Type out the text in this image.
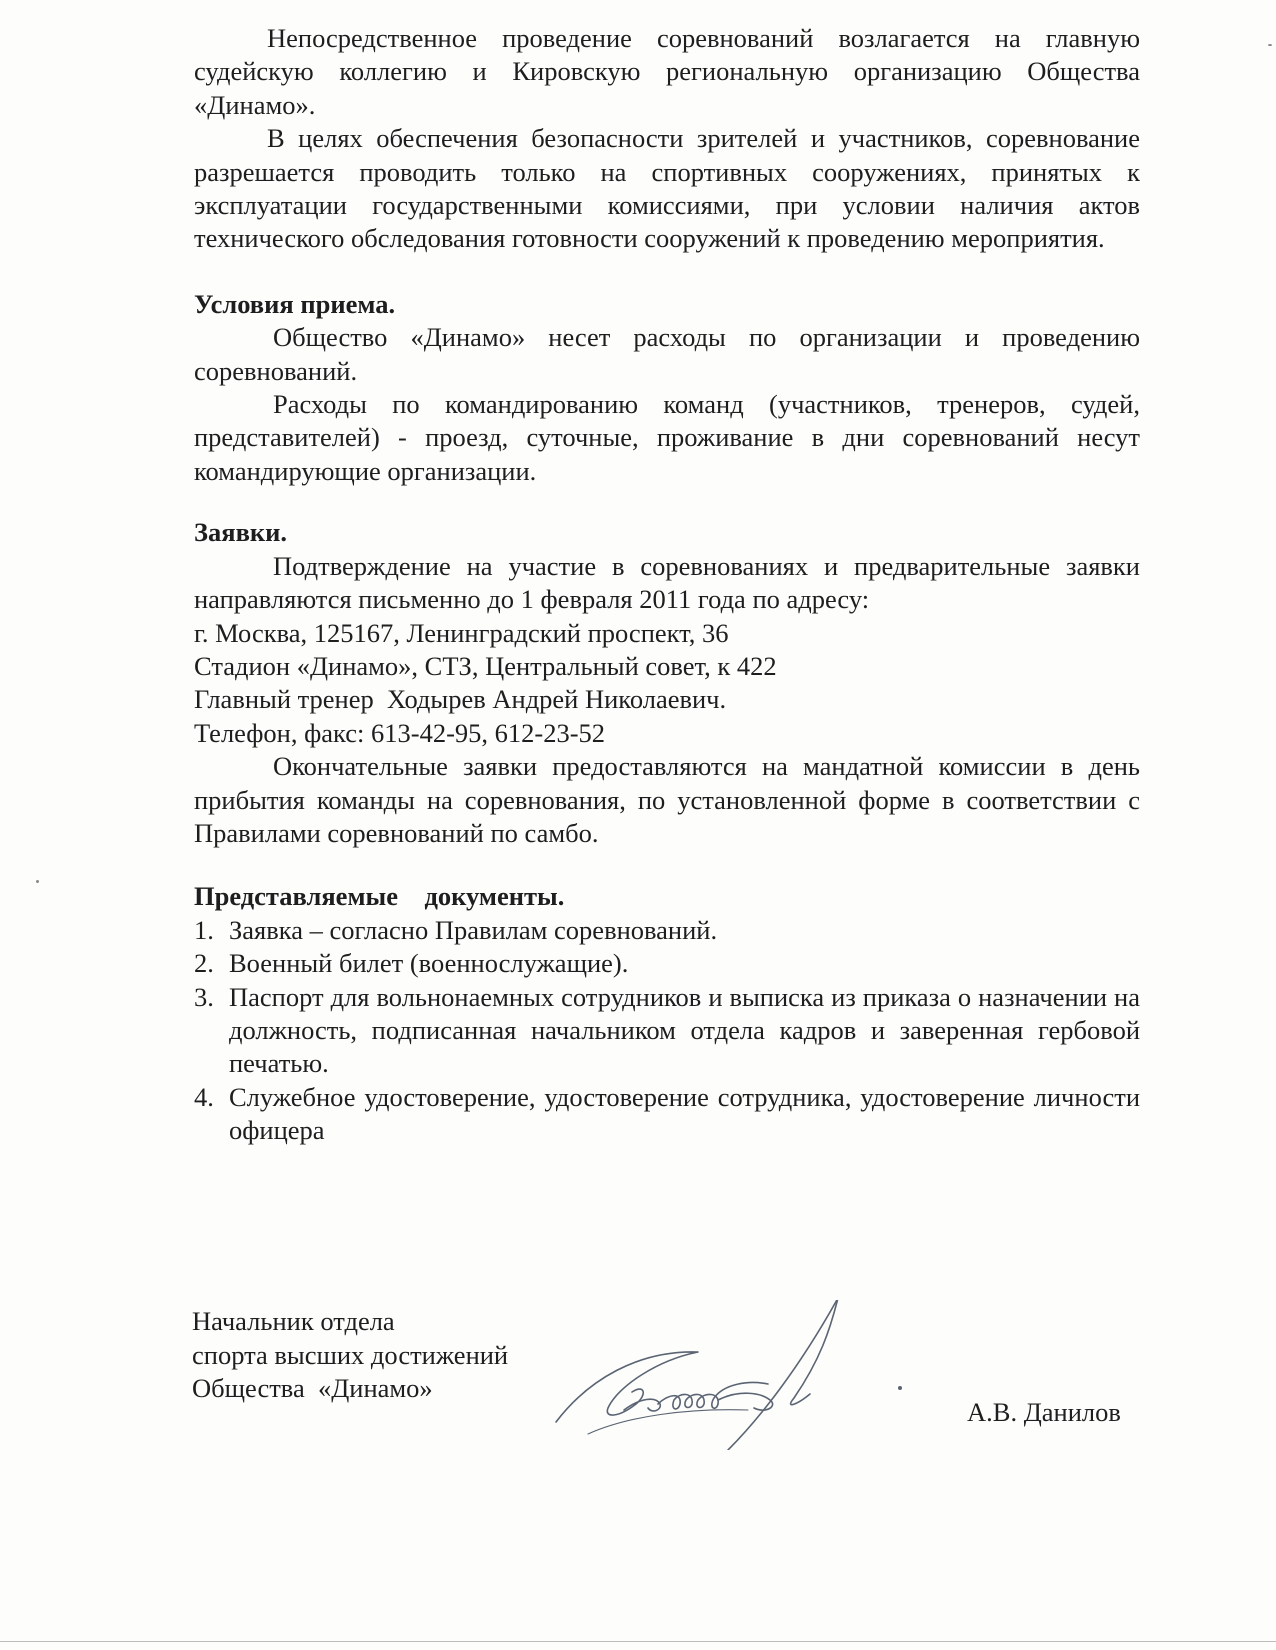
Непосредственное проведение соревнований возлагается на главную судейскую коллегию и Кировскую региональную организацию Общества «Динамо».

В целях обеспечения безопасности зрителей и участников, соревнование разрешается проводить только на спортивных сооружениях, принятых к эксплуатации государственными комиссиями, при условии наличия актов технического обследования готовности сооружений к проведению мероприятия.

Условия приема.

Общество «Динамо» несет расходы по организации и проведению соревнований.

Расходы по командированию команд (участников, тренеров, судей, представителей) - проезд, суточные, проживание в дни соревнований несут командирующие организации.

Заявки.

Подтверждение на участие в соревнованиях и предварительные заявки направляются письменно до 1 февраля 2011 года по адресу:

г. Москва, 125167, Ленинградский проспект, 36

Стадион «Динамо», СТЗ, Центральный совет, к 422

Главный тренер  Ходырев Андрей Николаевич.

Телефон, факс: 613-42-95, 612-23-52

Окончательные заявки предоставляются на мандатной комиссии в день прибытия команды на соревнования, по установленной форме в соответствии с Правилами соревнований по самбо.

Представляемые    документы.

1. Заявка – согласно Правилам соревнований.
2. Военный билет (военнослужащие).
3. Паспорт для вольнонаемных сотрудников и выписка из приказа о назначении на должность, подписанная начальником отдела кадров и заверенная гербовой печатью.
4. Служебное удостоверение, удостоверение сотрудника, удостоверение личности офицера
Начальник отдела
спорта высших достижений
Общества  «Динамо»
А.В. Данилов
